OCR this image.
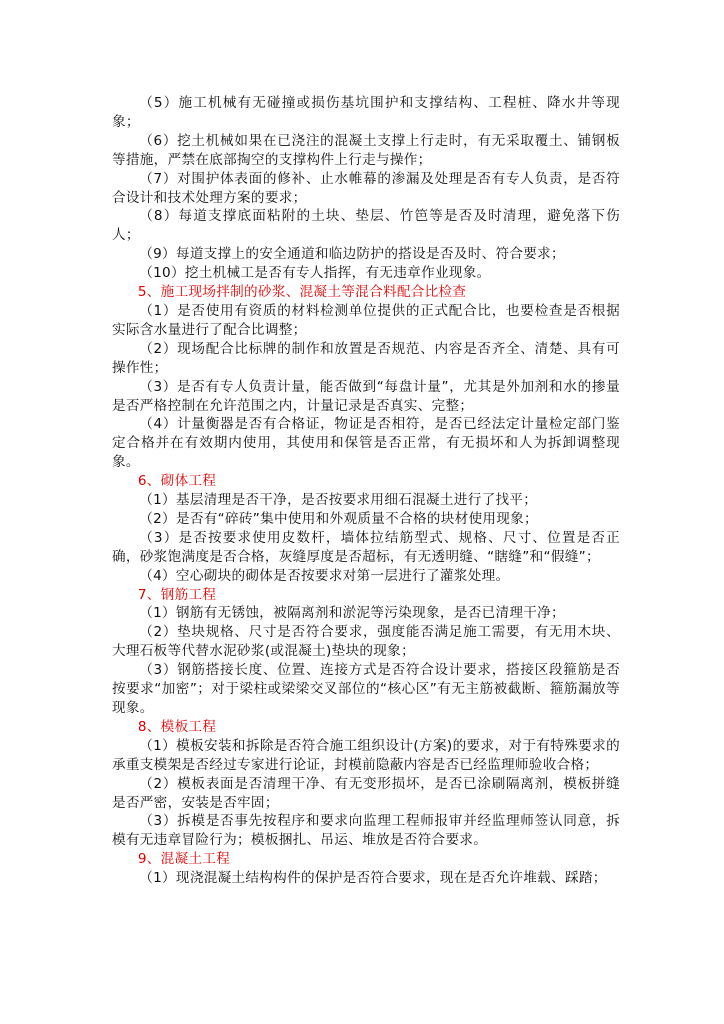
（5）施工机械有无碰撞或损伤基坑围护和支撑结构、工程桩、降水井等现象；

（6）挖土机械如果在已浇注的混凝土支撑上行走时，有无采取覆土、铺钢板等措施，严禁在底部掏空的支撑构件上行走与操作；

（7）对围护体表面的修补、止水帷幕的渗漏及处理是否有专人负责，是否符合设计和技术处理方案的要求；

（8）每道支撑底面粘附的土块、垫层、竹笆等是否及时清理，避免落下伤人；

（9）每道支撑上的安全通道和临边防护的搭设是否及时、符合要求；

（10）挖土机械工是否有专人指挥，有无违章作业现象。

5、施工现场拌制的砂浆、混凝土等混合料配合比检查

（1）是否使用有资质的材料检测单位提供的正式配合比，也要检查是否根据实际含水量进行了配合比调整；

（2）现场配合比标牌的制作和放置是否规范、内容是否齐全、清楚、具有可操作性；

（3）是否有专人负责计量，能否做到“每盘计量”，尤其是外加剂和水的掺量是否严格控制在允许范围之内，计量记录是否真实、完整；

（4）计量衡器是否有合格证，物证是否相符，是否已经法定计量检定部门鉴定合格并在有效期内使用，其使用和保管是否正常，有无损坏和人为拆卸调整现象。

6、砌体工程

（1）基层清理是否干净，是否按要求用细石混凝土进行了找平；

（2）是否有“碎砖”集中使用和外观质量不合格的块材使用现象；

（3）是否按要求使用皮数杆，墙体拉结筋型式、规格、尺寸、位置是否正确，砂浆饱满度是否合格，灰缝厚度是否超标，有无透明缝、“瞎缝”和“假缝”；

（4）空心砌块的砌体是否按要求对第一层进行了灌浆处理。

7、钢筋工程

（1）钢筋有无锈蚀，被隔离剂和淤泥等污染现象，是否已清理干净；

（2）垫块规格、尺寸是否符合要求，强度能否满足施工需要，有无用木块、大理石板等代替水泥砂浆(或混凝土)垫块的现象；

（3）钢筋搭接长度、位置、连接方式是否符合设计要求，搭接区段箍筋是否按要求“加密”；对于梁柱或梁梁交叉部位的“核心区”有无主筋被截断、箍筋漏放等现象。

8、模板工程

（1）模板安装和拆除是否符合施工组织设计(方案)的要求，对于有特殊要求的承重支模架是否经过专家进行论证，封模前隐蔽内容是否已经监理师验收合格；

（2）模板表面是否清理干净、有无变形损坏，是否已涂刷隔离剂，模板拼缝是否严密，安装是否牢固；

（3）拆模是否事先按程序和要求向监理工程师报审并经监理师签认同意，拆模有无违章冒险行为；模板捆扎、吊运、堆放是否符合要求。

9、混凝土工程

（1）现浇混凝土结构构件的保护是否符合要求，现在是否允许堆载、踩踏；
